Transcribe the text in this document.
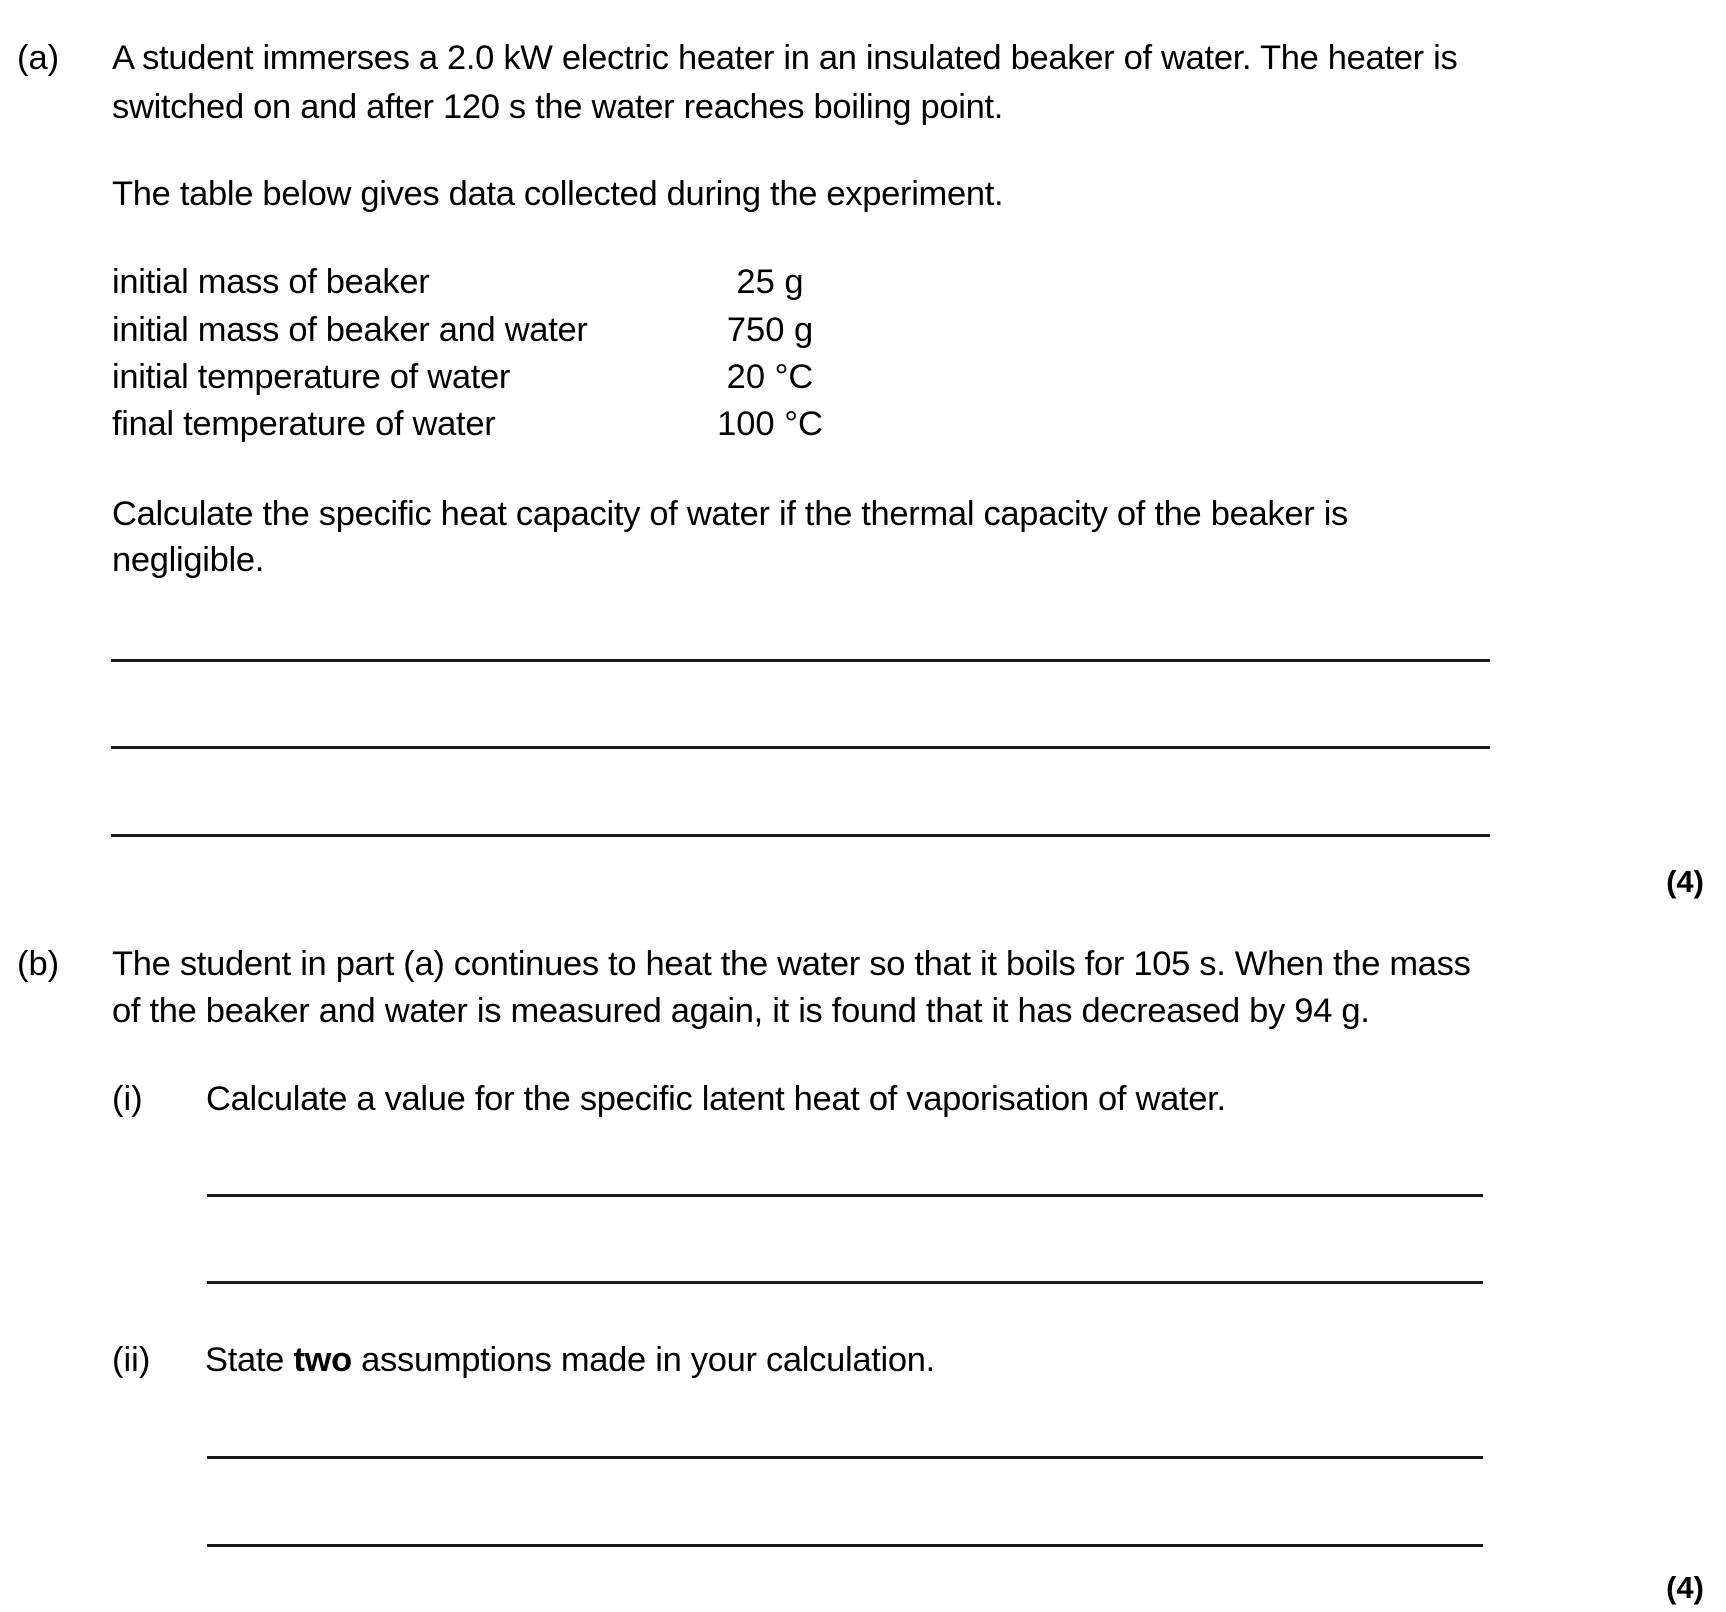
(a) A student immerses a 2.0 kW electric heater in an insulated beaker of water. The heater is
switched on and after 120 s the water reaches boiling point.
The table below gives data collected during the experiment.
initial mass of beaker	25 g
initial mass of beaker and water	750 g
initial temperature of water	20 °C
final temperature of water	100 °C
Calculate the specific heat capacity of water if the thermal capacity of the beaker is
negligible.
(4)
(b) The student in part (a) continues to heat the water so that it boils for 105 s. When the mass
of the beaker and water is measured again, it is found that it has decreased by 94 g.
(i) Calculate a value for the specific latent heat of vaporisation of water.
(ii) State two assumptions made in your calculation.
(4)
